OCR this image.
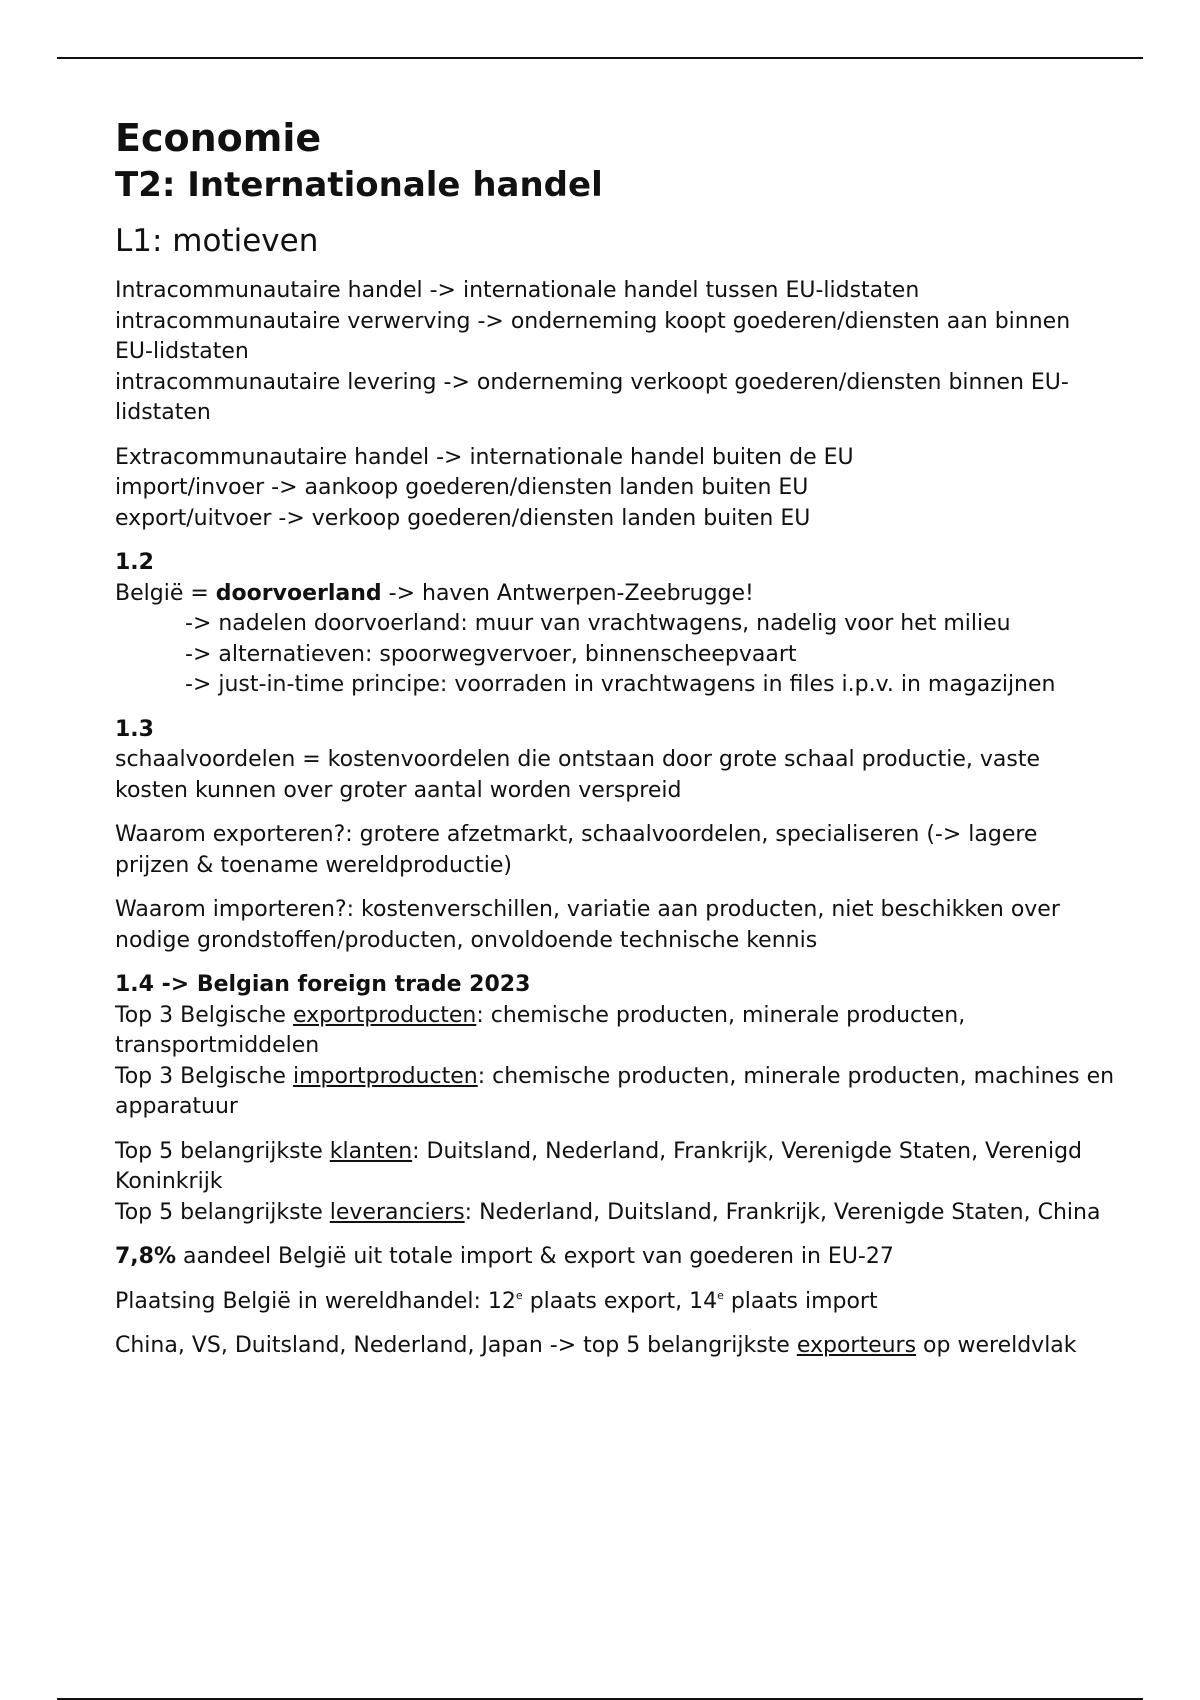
Economie
T2: Internationale handel
L1: motieven
Intracommunautaire handel -> internationale handel tussen EU-lidstaten
intracommunautaire verwerving -> onderneming koopt goederen/diensten aan binnen EU-lidstaten
intracommunautaire levering -> onderneming verkoopt goederen/diensten binnen EU-lidstaten
Extracommunautaire handel -> internationale handel buiten de EU
import/invoer -> aankoop goederen/diensten landen buiten EU
export/uitvoer -> verkoop goederen/diensten landen buiten EU
1.2
België = doorvoerland -> haven Antwerpen-Zeebrugge!
-> nadelen doorvoerland: muur van vrachtwagens, nadelig voor het milieu
-> alternatieven: spoorwegvervoer, binnenscheepvaart
-> just-in-time principe: voorraden in vrachtwagens in files i.p.v. in magazijnen
1.3
schaalvoordelen = kostenvoordelen die ontstaan door grote schaal productie, vaste kosten kunnen over groter aantal worden verspreid
Waarom exporteren?: grotere afzetmarkt, schaalvoordelen, specialiseren (-> lagere prijzen & toename wereldproductie)
Waarom importeren?: kostenverschillen, variatie aan producten, niet beschikken over nodige grondstoffen/producten, onvoldoende technische kennis
1.4 -> Belgian foreign trade 2023
Top 3 Belgische exportproducten: chemische producten, minerale producten, transportmiddelen
Top 3 Belgische importproducten: chemische producten, minerale producten, machines en apparatuur
Top 5 belangrijkste klanten: Duitsland, Nederland, Frankrijk, Verenigde Staten, Verenigd Koninkrijk
Top 5 belangrijkste leveranciers: Nederland, Duitsland, Frankrijk, Verenigde Staten, China
7,8% aandeel België uit totale import & export van goederen in EU-27
Plaatsing België in wereldhandel: 12e plaats export, 14e plaats import
China, VS, Duitsland, Nederland, Japan -> top 5 belangrijkste exporteurs op wereldvlak
